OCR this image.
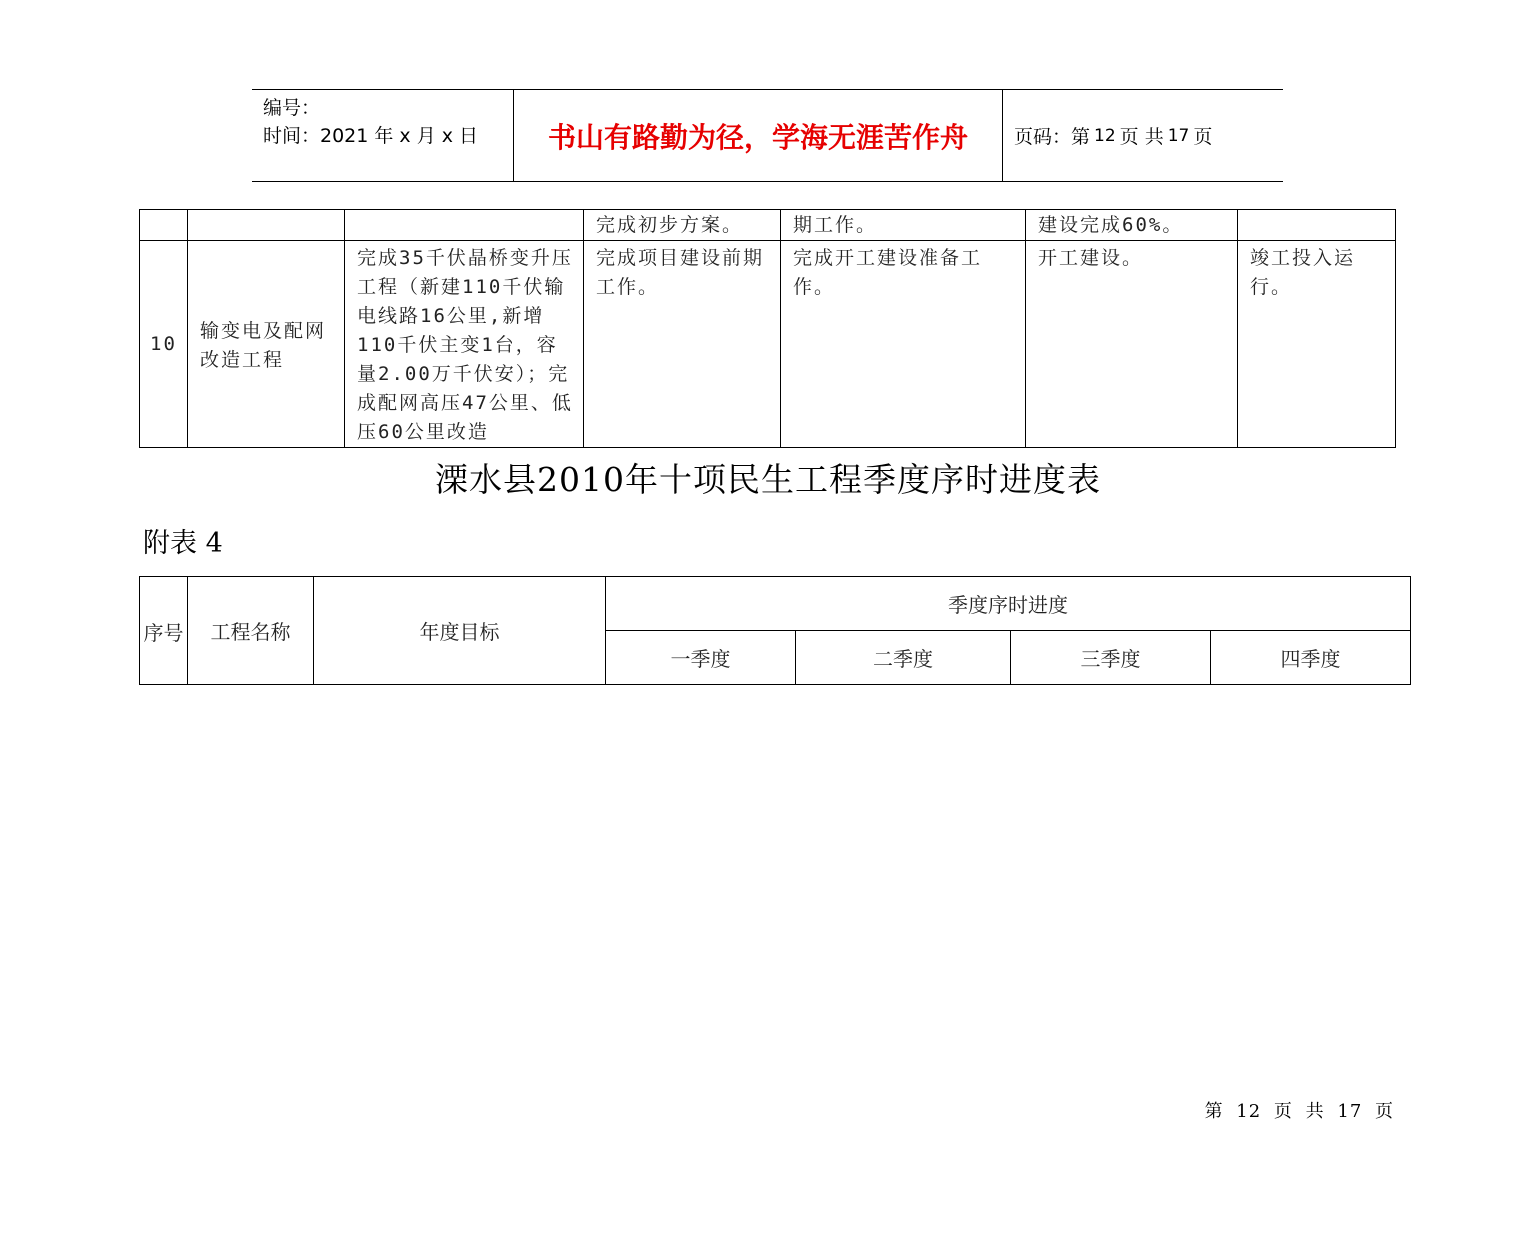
编号：
时间：2021 年 x 月 x 日	书山有路勤为径，学海无涯苦作舟	页码：第 12 页 共 17 页

			完成初步方案。	期工作。	建设完成60%。	

10	输变电及配网改造工程	完成35千伏晶桥变升压工程（新建110千伏输电线路16公里,新增110千伏主变1台，容量2.00万千伏安）；完成配网高压47公里、低压60公里改造	完成项目建设前期工作。	完成开工建设准备工作。	开工建设。	竣工投入运行。
溧水县2010年十项民生工程季度序时进度表
附表 4
序号	工程名称	年度目标	季度序时进度			
			一季度	二季度	三季度	四季度
第 12 页 共 17 页
